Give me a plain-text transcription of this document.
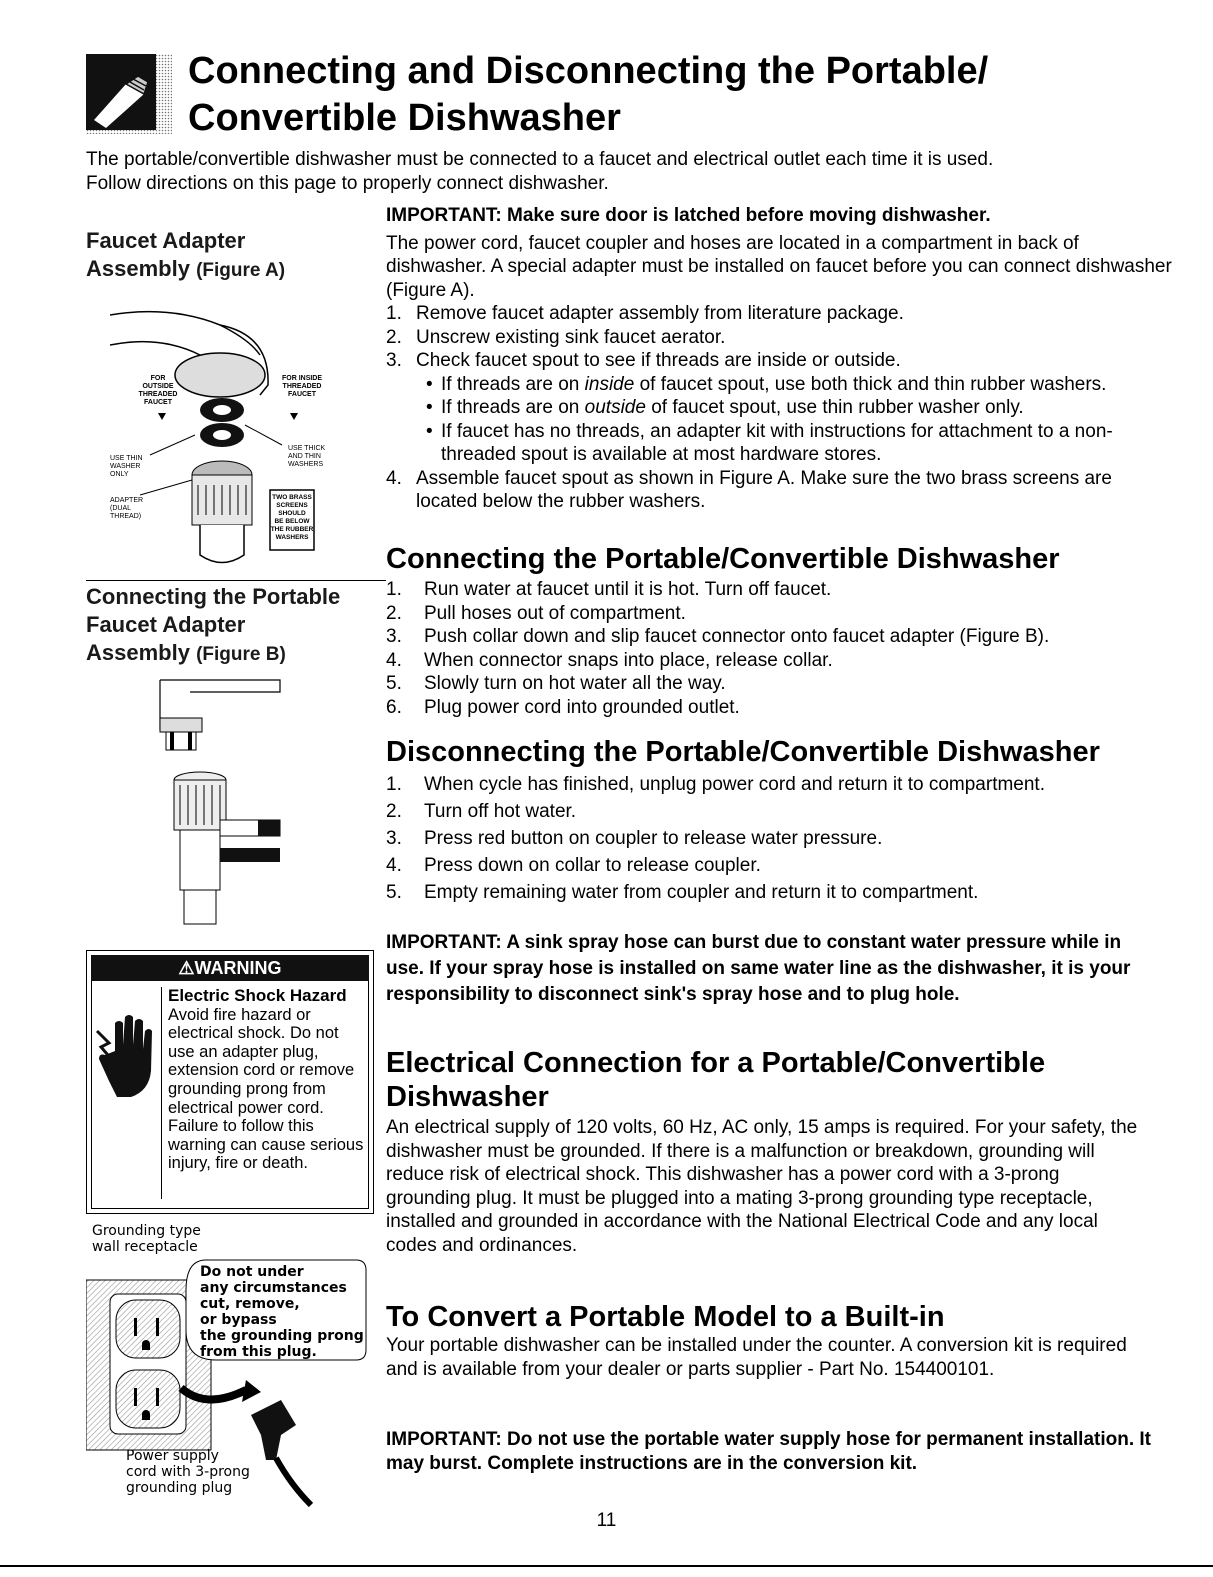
Connecting and Disconnecting the Portable/
Convertible Dishwasher
The portable/convertible dishwasher must be connected to a faucet and electrical outlet each time it is used.
Follow directions on this page to properly connect dishwasher.
Faucet Adapter
Assembly (Figure A)
FOR OUTSIDE THREADED FAUCET
FOR INSIDE THREADED FAUCET
USE THIN WASHER ONLY
USE THICK AND THIN WASHERS
ADAPTER (DUAL THREAD)
TWO BRASS SCREENS SHOULD BE BELOW THE RUBBER WASHERS
Connecting the Portable
Faucet Adapter
Assembly (Figure B)
IMPORTANT: Make sure door is latched before moving dishwasher.
The power cord, faucet coupler and hoses are located in a compartment in back of dishwasher. A special adapter must be installed on faucet before you can connect dishwasher (Figure A).
1. Remove faucet adapter assembly from literature package.
2. Unscrew existing sink faucet aerator.
3. Check faucet spout to see if threads are inside or outside.
• If threads are on inside of faucet spout, use both thick and thin rubber washers.
• If threads are on outside of faucet spout, use thin rubber washer only.
• If faucet has no threads, an adapter kit with instructions for attachment to a non-threaded spout is available at most hardware stores.
4. Assemble faucet spout as shown in Figure A. Make sure the two brass screens are located below the rubber washers.
Connecting the Portable/Convertible Dishwasher
1.	Run water at faucet until it is hot. Turn off faucet.
2.	Pull hoses out of compartment.
3.	Push collar down and slip faucet connector onto faucet adapter (Figure B).
4.	When connector snaps into place, release collar.
5.	Slowly turn on hot water all the way.
6.	Plug power cord into grounded outlet.
Disconnecting the Portable/Convertible Dishwasher
1.	When cycle has finished, unplug power cord and return it to compartment.
2.	Turn off hot water.
3.	Press red button on coupler to release water pressure.
4.	Press down on collar to release coupler.
5.	Empty remaining water from coupler and return it to compartment.
IMPORTANT: A sink spray hose can burst due to constant water pressure while in use. If your spray hose is installed on same water line as the dishwasher, it is your responsibility to disconnect sink's spray hose and to plug hole.
Electrical Connection for a Portable/Convertible Dishwasher
An electrical supply of 120 volts, 60 Hz, AC only, 15 amps is required. For your safety, the dishwasher must be grounded. If there is a malfunction or breakdown, grounding will reduce risk of electrical shock. This dishwasher has a power cord with a 3-prong grounding plug. It must be plugged into a mating 3-prong grounding type receptacle, installed and grounded in accordance with the National Electrical Code and any local codes and ordinances.
To Convert a Portable Model to a Built-in
Your portable dishwasher can be installed under the counter. A conversion kit is required and is available from your dealer or parts supplier - Part No. 154400101.
IMPORTANT: Do not use the portable water supply hose for permanent installation. It may burst. Complete instructions are in the conversion kit.
⚠WARNING
Electric Shock Hazard
Avoid fire hazard or electrical shock. Do not use an adapter plug, extension cord or remove grounding prong from electrical power cord. Failure to follow this warning can cause serious injury, fire or death.
Grounding type wall receptacle
Do not under any circumstances cut, remove, or bypass the grounding prong from this plug.
Power supply cord with 3-prong grounding plug
11
